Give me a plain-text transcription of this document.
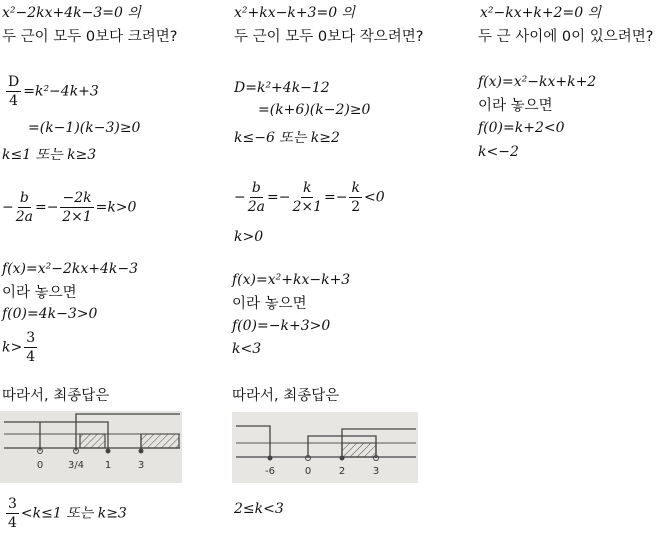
x²−2kx+4k−3=0 의
두 근이 모두 0보다 크려면?
$\frac{D}{4} =k^2-4k+3$
=(k−1)(k−3)≥0
k≤1 또는 k≥3
− $\frac{b}{2a} =- \frac{-2k}{2\times 1} =k>0$
f(x)=x²−2kx+4k−3
이라 놓으면
f(0)=4k−3>0
$k> \frac{3}{4}$
따라서, 최종답은
0 3/4 1	3
$\frac{3}{4} <k\le 1$ 또는 k≥3
x²+kx−k+3=0 의
두 근이 모두 0보다 작으려면?
D=k²+4k−12
=(k+6)(k−2)≥0
k≤−6 또는 k≥2
− $\frac{b}{2a} =- \frac{k}{2\times 1} =- \frac{k}{2} <0$
k>0
f(x)=x²+kx−k+3
이라 놓으면
f(0)=−k+3>0
k<3
따라서, 최종답은
-6	0	2	3
2≤k<3
x²−kx+k+2=0 의
두 근 사이에 0이 있으려면?
f(x)=x²−kx+k+2
이라 놓으면
f(0)=k+2<0
k<−2
